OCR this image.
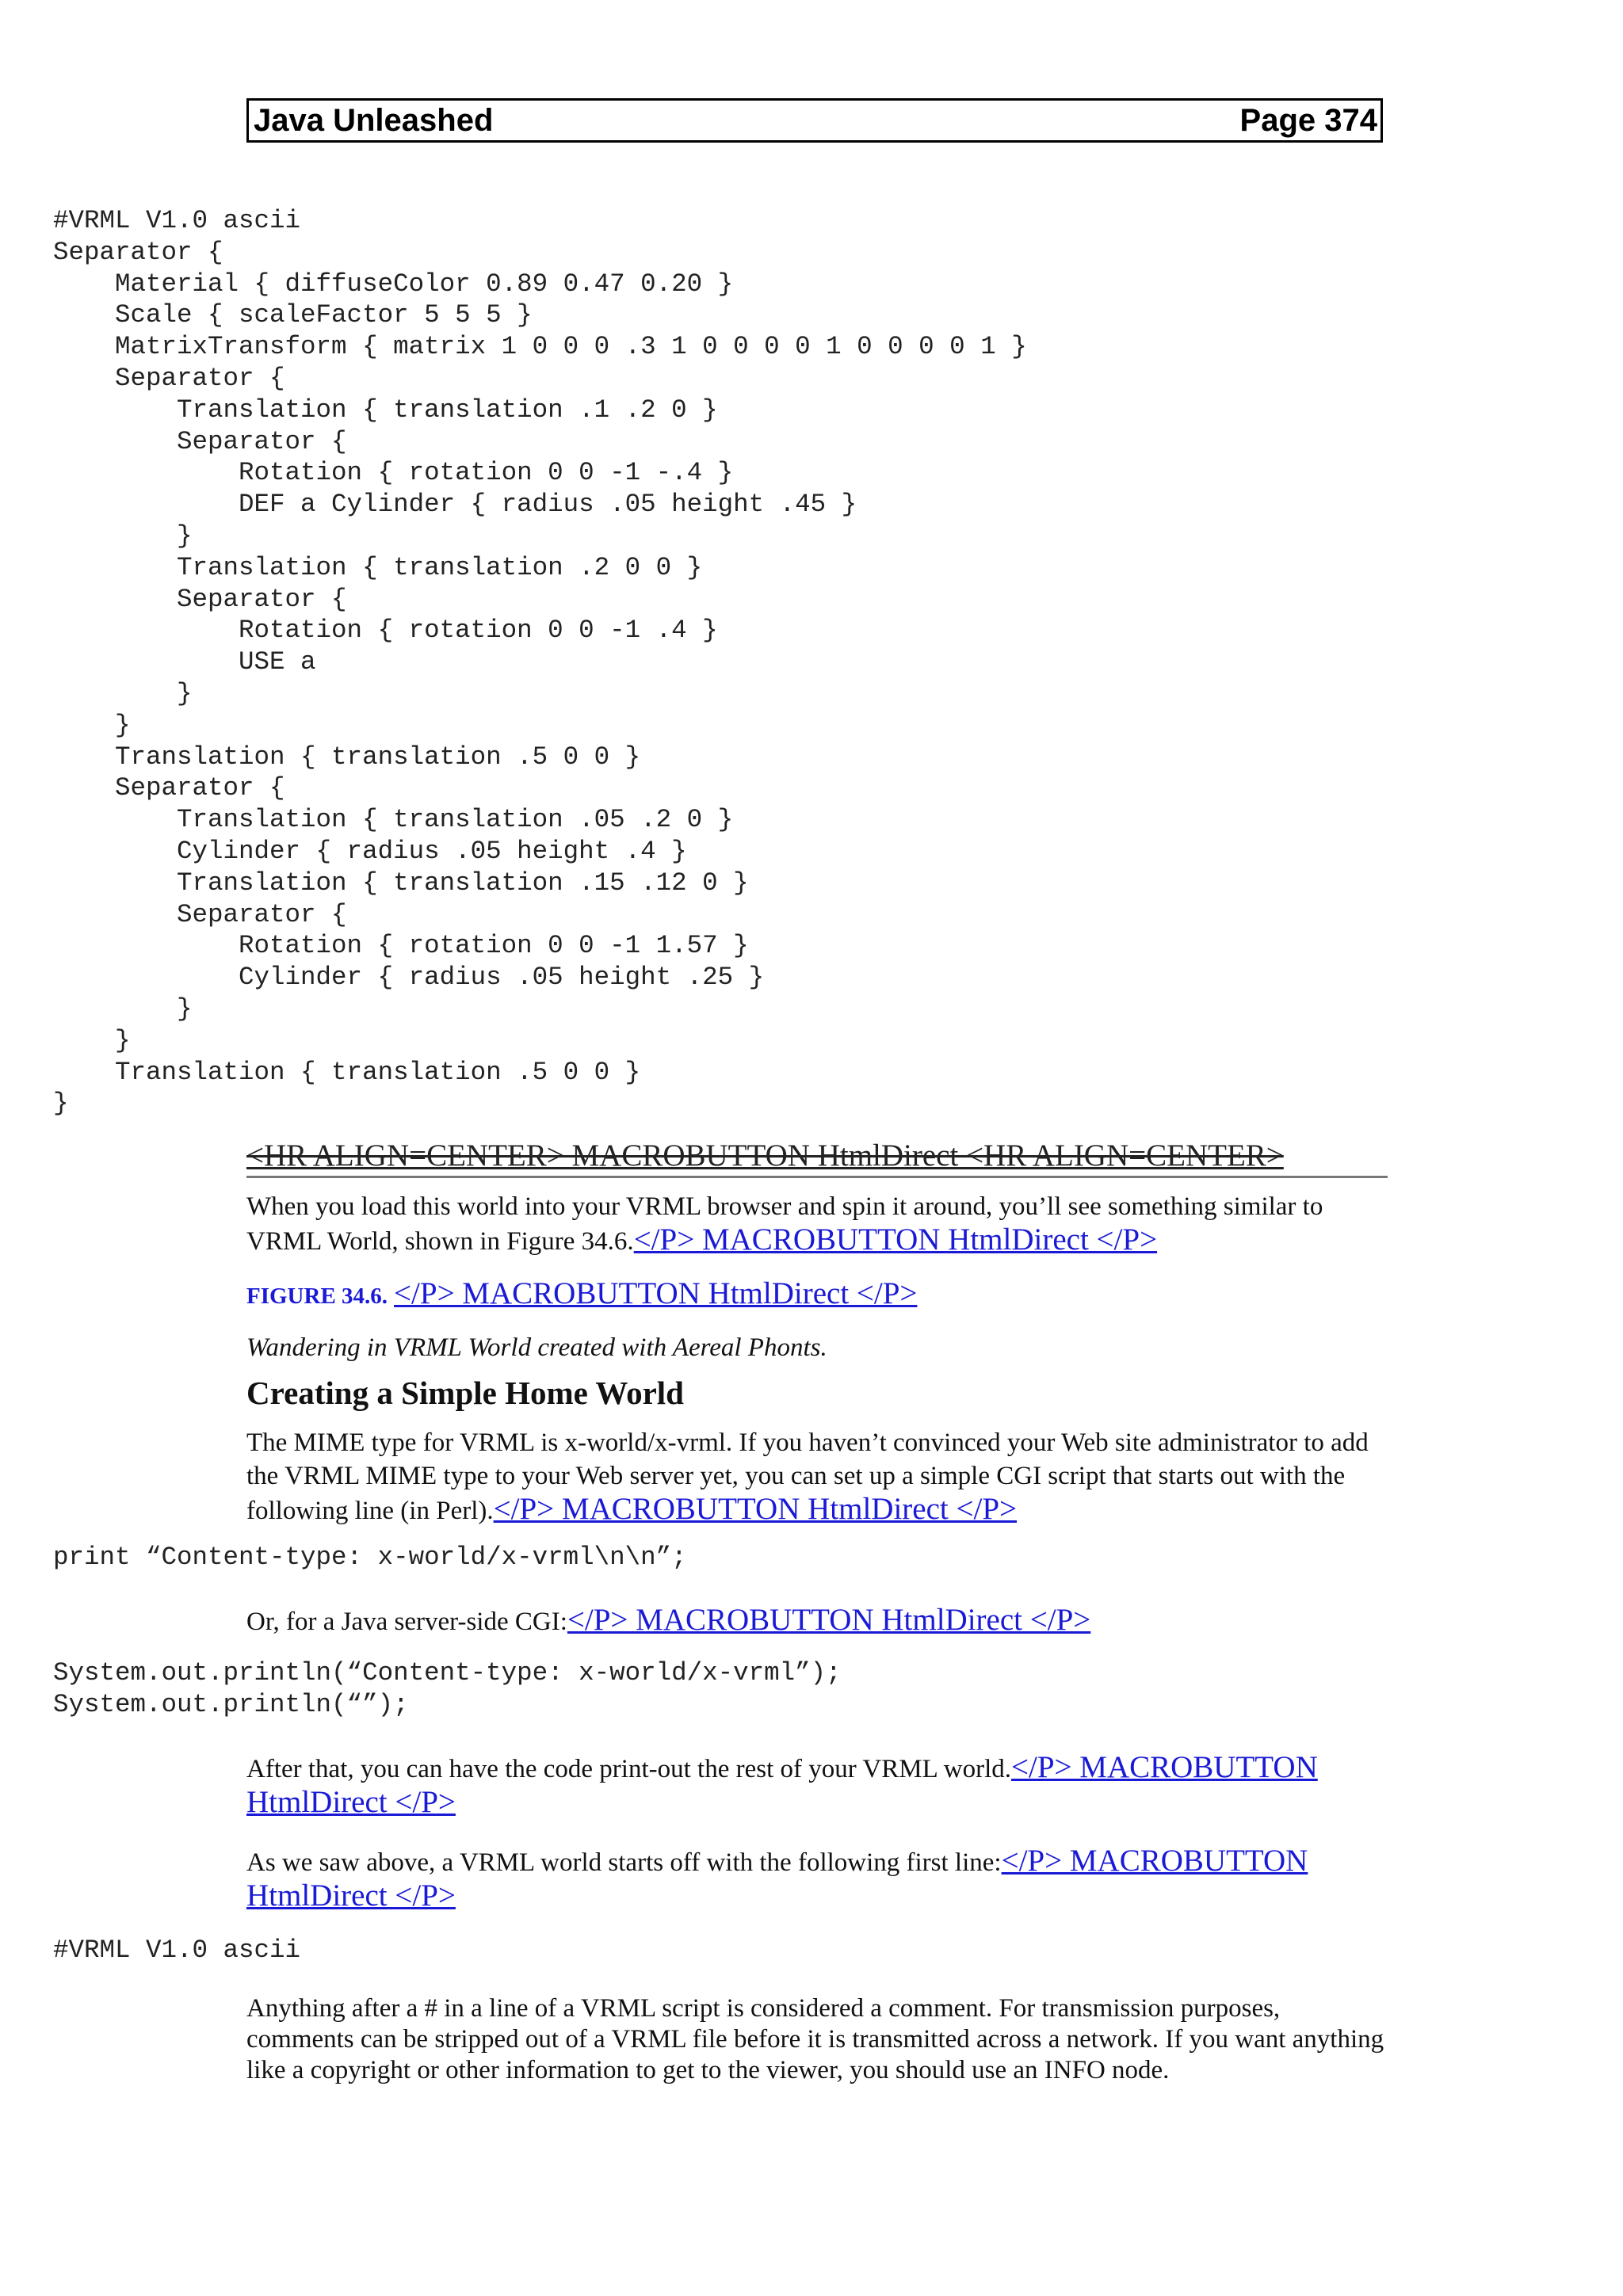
Java Unleashed	Page 374
#VRML V1.0 ascii
Separator {
Material { diffuseColor 0.89 0.47 0.20 }
Scale { scaleFactor 5 5 5 }
MatrixTransform { matrix 1 0 0 0 .3 1 0 0 0 0 1 0 0 0 0 1 }
Separator {
Translation { translation .1 .2 0 }
Separator {
Rotation { rotation 0 0 -1 -.4 }
DEF a Cylinder { radius .05 height .45 }
}
Translation { translation .2 0 0 }
Separator {
Rotation { rotation 0 0 -1 .4 }
USE a
}
}
Translation { translation .5 0 0 }
Separator {
Translation { translation .05 .2 0 }
Cylinder { radius .05 height .4 }
Translation { translation .15 .12 0 }
Separator {
Rotation { rotation 0 0 -1 1.57 }
Cylinder { radius .05 height .25 }
}
}
Translation { translation .5 0 0 }
}
<HR ALIGN=CENTER> MACROBUTTON HtmlDirect <HR ALIGN=CENTER>

When you load this world into your VRML browser and spin it around, you’ll see something similar to VRML World, shown in Figure 34.6.</P> MACROBUTTON HtmlDirect </P>

FIGURE 34.6. </P> MACROBUTTON HtmlDirect </P>

Wandering in VRML World created with Aereal Phonts.

Creating a Simple Home World

The MIME type for VRML is x-world/x-vrml. If you haven’t convinced your Web site administrator to add the VRML MIME type to your Web server yet, you can set up a simple CGI script that starts out with the following line (in Perl).</P> MACROBUTTON HtmlDirect </P>

print “Content-type: x-world/x-vrml\n\n”;

Or, for a Java server-side CGI:</P> MACROBUTTON HtmlDirect </P>

System.out.println(“Content-type: x-world/x-vrml”);
System.out.println(“”);

After that, you can have the code print-out the rest of your VRML world.</P> MACROBUTTON HtmlDirect </P>

As we saw above, a VRML world starts off with the following first line:</P> MACROBUTTON HtmlDirect </P>

#VRML V1.0 ascii

Anything after a # in a line of a VRML script is considered a comment. For transmission purposes, comments can be stripped out of a VRML file before it is transmitted across a network. If you want anything like a copyright or other information to get to the viewer, you should use an INFO node.
